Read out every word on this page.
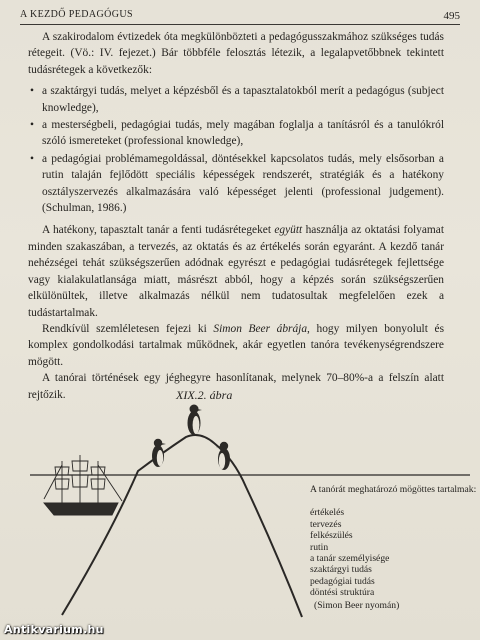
A KEZDŐ PEDAGÓGUS	495

A szakirodalom évtizedek óta megkülönbözteti a pedagógusszakmához szükséges tudás rétegeit. (Vö.: IV. fejezet.) Bár többféle felosztás létezik, a legalapvetőbbnek tekintett tudásrétegek a következők:

• a szaktárgyi tudás, melyet a képzésből és a tapasztalatokból merít a pedagógus (subject knowledge),
• a mesterségbeli, pedagógiai tudás, mely magában foglalja a tanításról és a tanulókról szóló ismereteket (professional knowledge),
• a pedagógiai problémamegoldással, döntésekkel kapcsolatos tudás, mely elsősorban a rutin talaján fejlődött speciális képességek rendszerét, stratégiák és a hatékony osztályszervezés alkalmazására való képességet jelenti (professional judgement). (Schulman, 1986.)

A hatékony, tapasztalt tanár a fenti tudásrétegeket együtt használja az oktatási folyamat minden szakaszában, a tervezés, az oktatás és az értékelés során egyaránt. A kezdő tanár nehézségei tehát szükségszerűen adódnak egyrészt e pedagógiai tudásrétegek fejlettsége vagy kialakulatlansága miatt, másrészt abból, hogy a képzés során szükségszerűen elkülönültek, illetve alkalmazás nélkül nem tudatosultak megfelelően ezek a tudástartalmak.

Rendkívül szemléletesen fejezi ki Simon Beer ábrája, hogy milyen bonyolult és komplex gondolkodási tartalmak működnek, akár egyetlen tanóra tevékenységrendszere mögött.

A tanórai történések egy jéghegyre hasonlítanak, melynek 70–80%-a a felszín alatt rejtőzik.	XIX.2. ábra
A tanórát meghatározó mögöttes tartalmak:
értékelés
tervezés
felkészülés
rutin
a tanár személyisége
szaktárgyi tudás
pedagógiai tudás
döntési struktúra
(Simon Beer nyomán)
Antikvarium.hu
